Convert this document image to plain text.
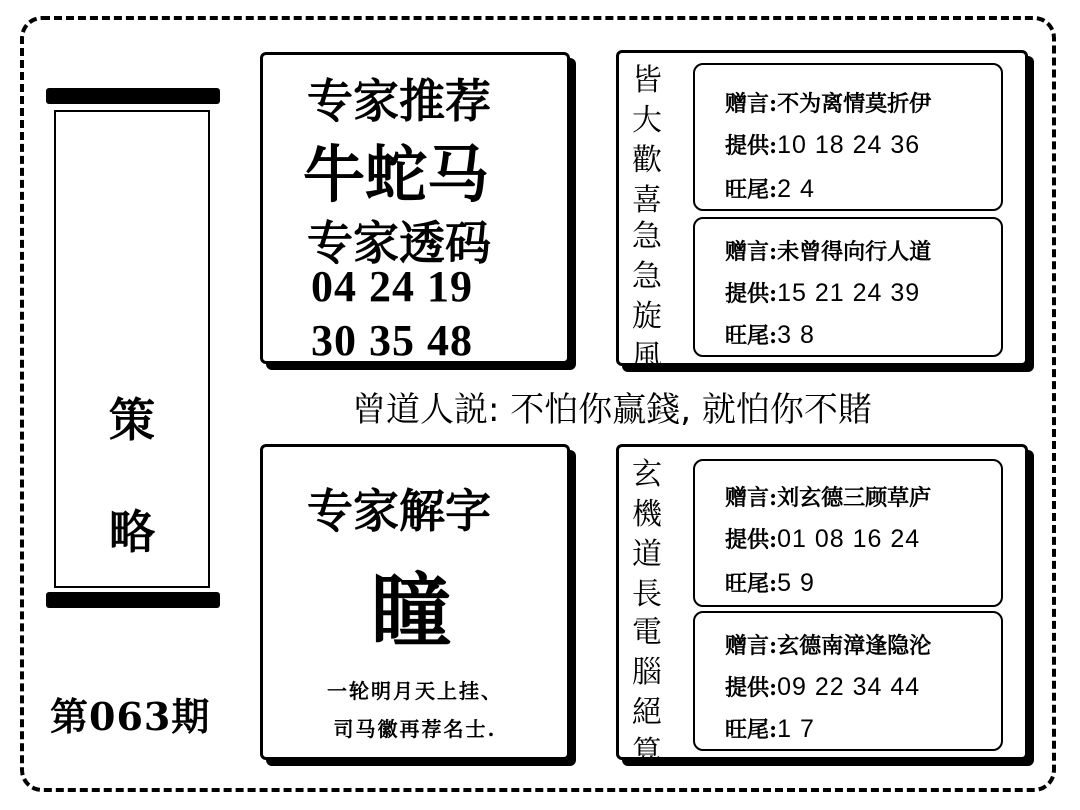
策
略
第063期
专家推荐
牛蛇马
专家透码
04 24 19
30 35 48
曾道人説: 不怕你赢錢, 就怕你不賭
专家解字
瞳
一轮明月天上挂、
司马徽再荐名士.
皆
大
歡
喜
急
急
旋
風
赠言:不为离情莫折伊
提供:10 18 24 36
旺尾:2 4
赠言:未曾得向行人道
提供:15 21 24 39
旺尾:3 8
玄
機
道
長
電
腦
絕
算
赠言:刘玄德三顾草庐
提供:01 08 16 24
旺尾:5 9
赠言:玄德南漳逢隐沦
提供:09 22 34 44
旺尾:1 7
